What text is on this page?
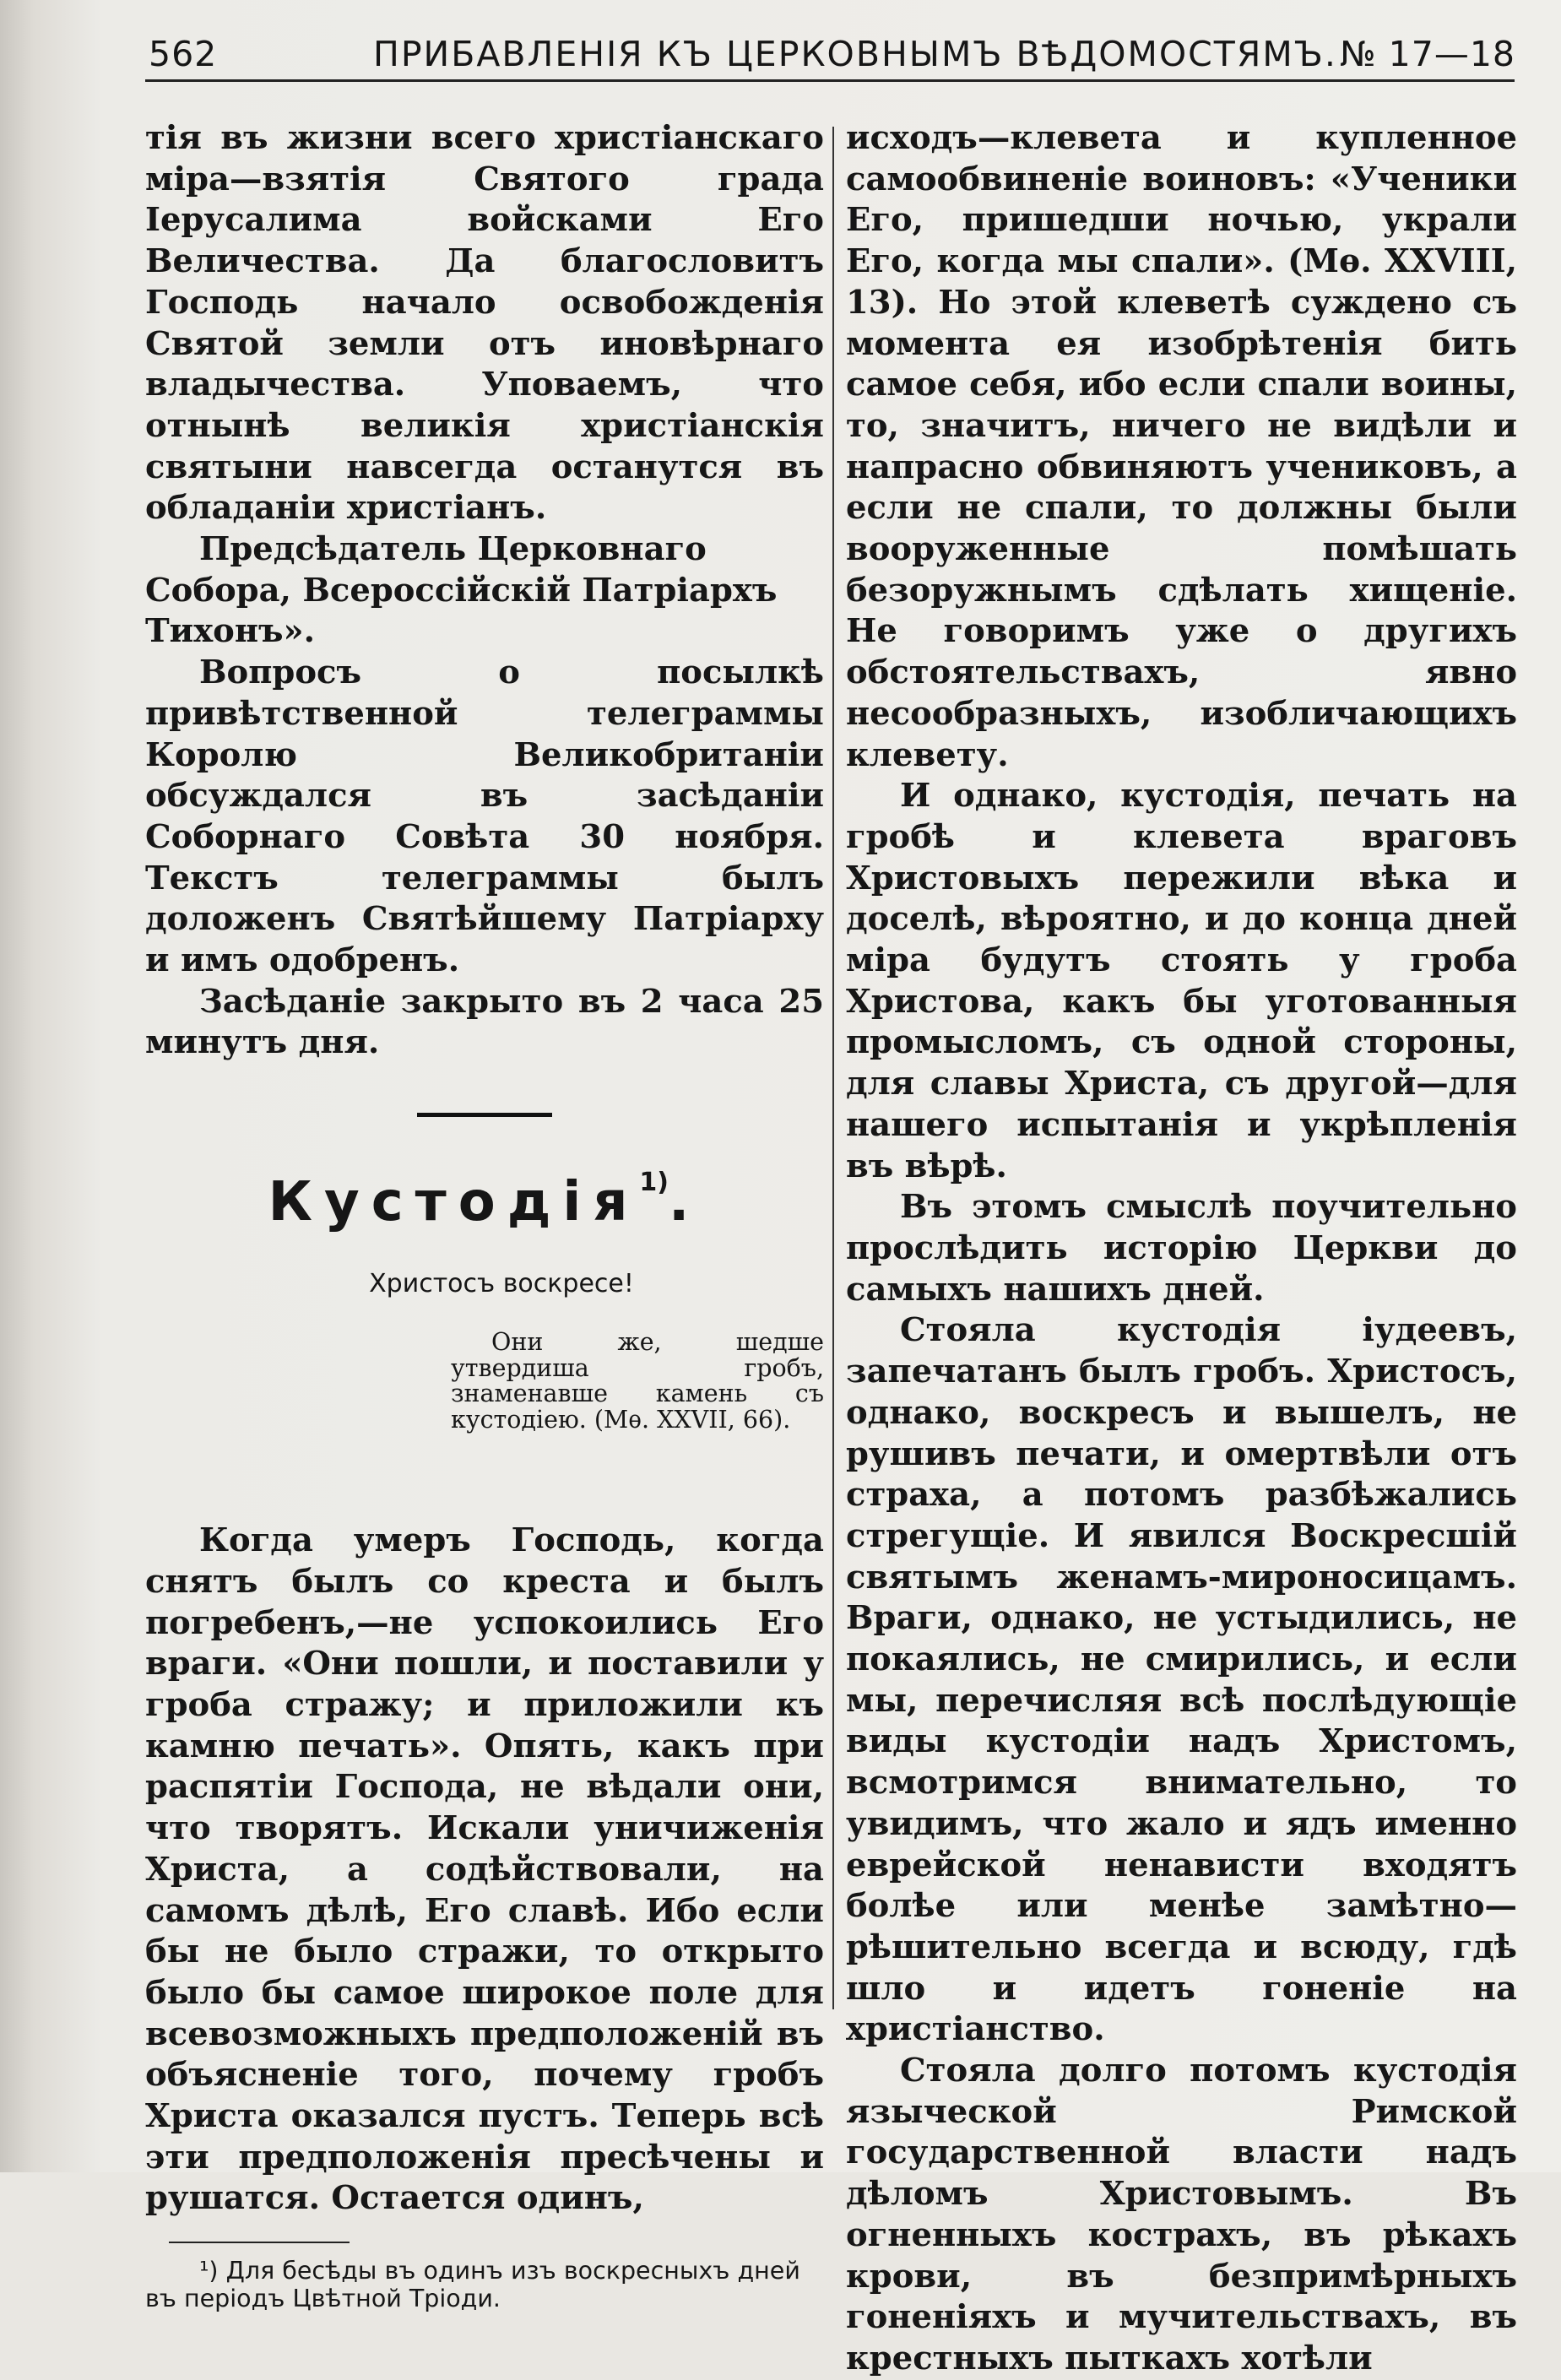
562	ПРИБАВЛЕНІЯ КЪ ЦЕРКОВНЫМЪ ВѢДОМОСТЯМЪ. № 17—18

тія въ жизни всего христіанскаго міра—взятія Святого града Іерусалима войсками Его Величества. Да благословитъ Господь начало освобожденія Святой земли отъ иновѣрнаго владычества. Уповаемъ, что отнынѣ великія христіанскія святыни навсегда останутся въ обладаніи христіанъ.

Предсѣдатель Церковнаго Собора, Всероссійскій Патріархъ Тихонъ».

Вопросъ о посылкѣ привѣтственной телеграммы Королю Великобританіи обсуждался въ засѣданіи Соборнаго Совѣта 30 ноября. Текстъ телеграммы былъ доложенъ Святѣйшему Патріарху и имъ одобренъ.

Засѣданіе закрыто въ 2 часа 25 минутъ дня.

Кустодія$^{1)}$.
Христосъ воскресе!

Они же, шедше утвердиша гробъ, знаменавше камень съ кустодіею. (Мѳ. XXVII, 66).

Когда умеръ Господь, когда снятъ былъ со креста и былъ погребенъ,—не успокоились Его враги. «Они пошли, и поставили у гроба стражу; и приложили къ камню печать». Опять, какъ при распятіи Господа, не вѣдали они, что творятъ. Искали уничиженія Христа, а содѣйствовали, на самомъ дѣлѣ, Его славѣ. Ибо если бы не было стражи, то открыто было бы самое широкое поле для всевозможныхъ предположеній въ объясненіе того, почему гробъ Христа оказался пустъ. Теперь всѣ эти предположенія пресѣчены и рушатся. Остается одинъ,

¹) Для бесѣды въ одинъ изъ воскресныхъ дней въ періодъ Цвѣтной Тріоди.

исходъ—клевета и купленное самообвиненіе воиновъ: «Ученики Его, пришедши ночью, украли Его, когда мы спали». (Мѳ. XXVIII, 13). Но этой клеветѣ суждено съ момента ея изобрѣтенія бить самое себя, ибо если спали воины, то, значитъ, ничего не видѣли и напрасно обвиняютъ учениковъ, а если не спали, то должны были вооруженные помѣшать безоружнымъ сдѣлать хищеніе. Не говоримъ уже о другихъ обстоятельствахъ, явно несообразныхъ, изобличающихъ клевету.

И однако, кустодія, печать на гробѣ и клевета враговъ Христовыхъ пережили вѣка и доселѣ, вѣроятно, и до конца дней міра будутъ стоять у гроба Христова, какъ бы уготованныя промысломъ, съ одной стороны, для славы Христа, съ другой—для нашего испытанія и укрѣпленія въ вѣрѣ.

Въ этомъ смыслѣ поучительно прослѣдить исторію Церкви до самыхъ нашихъ дней.

Стояла кустодія іудеевъ, запечатанъ былъ гробъ. Христосъ, однако, воскресъ и вышелъ, не рушивъ печати, и омертвѣли отъ страха, а потомъ разбѣжались стрегущіе. И явился Воскресшій святымъ женамъ-мироносицамъ. Враги, однако, не устыдились, не покаялись, не смирились, и если мы, перечисляя всѣ послѣдующіе виды кустодіи надъ Христомъ, всмотримся внимательно, то увидимъ, что жало и ядъ именно еврейской ненависти входятъ болѣе или менѣе замѣтно—рѣшительно всегда и всюду, гдѣ шло и идетъ гоненіе на христіанство.

Стояла долго потомъ кустодія языческой Римской государственной власти надъ дѣломъ Христовымъ. Въ огненныхъ кострахъ, въ рѣкахъ крови, въ безпримѣрныхъ гоненіяхъ и мучительствахъ, въ крестныхъ пыткахъ хотѣли
